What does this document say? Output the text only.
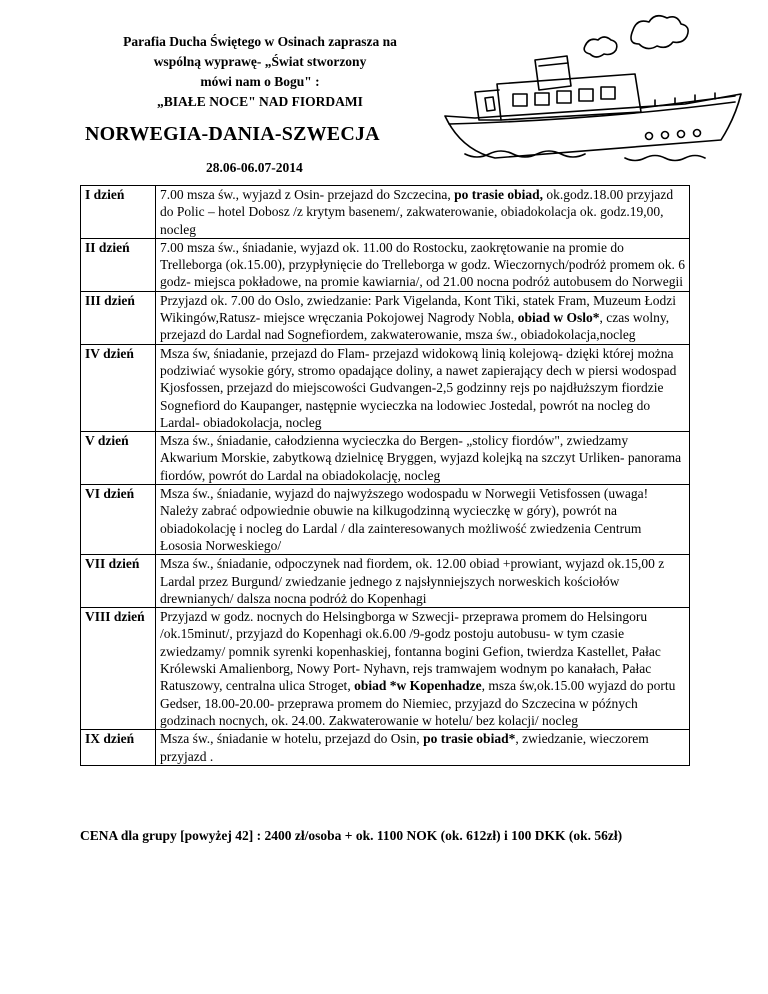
Parafia Ducha Świętego w Osinach zaprasza na
wspólną wyprawę- „Świat stworzony
mówi nam o Bogu" :
„BIAŁE NOCE" NAD FIORDAMI
NORWEGIA-DANIA-SZWECJA
28.06-06.07-2014
I dzień	7.00 msza św., wyjazd z Osin- przejazd do Szczecina, po trasie obiad, ok.godz.18.00 przyjazd do Polic – hotel Dobosz /z krytym basenem/, zakwaterowanie, obiadokolacja ok. godz.19,00, nocleg
II dzień	7.00 msza św., śniadanie, wyjazd ok. 11.00 do Rostocku, zaokrętowanie na promie do Trelleborga (ok.15.00), przypłynięcie do Trelleborga w godz. Wieczornych/podróż promem ok. 6 godz- miejsca pokładowe, na promie kawiarnia/, od 21.00 nocna podróż autobusem do Norwegii
III dzień	Przyjazd ok. 7.00 do Oslo, zwiedzanie: Park Vigelanda, Kont Tiki, statek Fram, Muzeum Łodzi Wikingów,Ratusz- miejsce wręczania Pokojowej Nagrody Nobla, obiad w Oslo*, czas wolny, przejazd do Lardal nad Sognefiordem, zakwaterowanie, msza św., obiadokolacja,nocleg
IV dzień	Msza św, śniadanie, przejazd do Flam- przejazd widokową linią kolejową- dzięki której można podziwiać wysokie góry, stromo opadające doliny, a nawet zapierający dech w piersi wodospad Kjosfossen, przejazd do miejscowości Gudvangen-2,5 godzinny rejs po najdłuższym fiordzie Sognefiord do Kaupanger, następnie wycieczka na lodowiec Jostedal, powrót na nocleg do Lardal- obiadokolacja, nocleg
V dzień	Msza św., śniadanie, całodzienna wycieczka do Bergen- „stolicy fiordów", zwiedzamy Akwarium Morskie, zabytkową dzielnicę Bryggen, wyjazd kolejką na szczyt Urliken- panorama fiordów, powrót do Lardal na obiadokolację, nocleg
VI dzień	Msza św., śniadanie, wyjazd do najwyższego wodospadu w Norwegii Vetisfossen (uwaga! Należy zabrać odpowiednie obuwie na kilkugodzinną wycieczkę w góry), powrót na obiadokolację i nocleg do Lardal / dla zainteresowanych możliwość zwiedzenia Centrum Łososia Norweskiego/
VII dzień	Msza św., śniadanie, odpoczynek nad fiordem, ok. 12.00 obiad +prowiant, wyjazd ok.15,00 z Lardal przez Burgund/ zwiedzanie jednego z najsłynniejszych norweskich kościołów drewnianych/ dalsza nocna podróż do Kopenhagi
VIII dzień	Przyjazd w godz. nocnych do Helsingborga w Szwecji- przeprawa promem do Helsingoru /ok.15minut/, przyjazd do Kopenhagi ok.6.00 /9-godz postoju autobusu- w tym czasie zwiedzamy/ pomnik syrenki kopenhaskiej, fontanna bogini Gefion, twierdza Kastellet, Pałac Królewski Amalienborg, Nowy Port- Nyhavn, rejs tramwajem wodnym po kanałach, Pałac Ratuszowy, centralna ulica Stroget, obiad *w Kopenhadze, msza św,ok.15.00 wyjazd do portu Gedser, 18.00-20.00- przeprawa promem do Niemiec, przyjazd do Szczecina w późnych godzinach nocnych, ok. 24.00. Zakwaterowanie w hotelu/ bez kolacji/ nocleg
IX dzień	Msza św., śniadanie w hotelu, przejazd do Osin, po trasie obiad*, zwiedzanie, wieczorem przyjazd .
CENA dla grupy [powyżej 42] : 2400 zł/osoba + ok. 1100 NOK (ok. 612zł) i 100 DKK (ok. 56zł)
